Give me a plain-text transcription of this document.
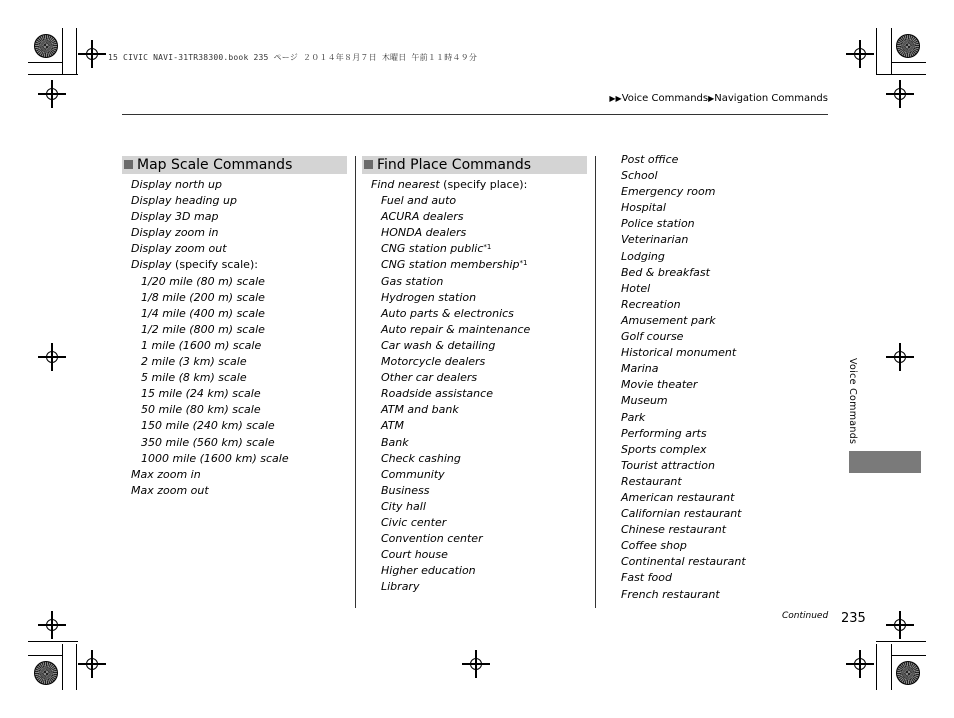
15 CIVIC NAVI-31TR38300.book 235 ページ ２０１４年８月７日 木曜日 午前１１時４９分
▶▶Voice Commands▶Navigation Commands
Map Scale Commands
Display north up
Display heading up
Display 3D map
Display zoom in
Display zoom out
Display (specify scale):
1/20 mile (80 m) scale
1/8 mile (200 m) scale
1/4 mile (400 m) scale
1/2 mile (800 m) scale
1 mile (1600 m) scale
2 mile (3 km) scale
5 mile (8 km) scale
15 mile (24 km) scale
50 mile (80 km) scale
150 mile (240 km) scale
350 mile (560 km) scale
1000 mile (1600 km) scale
Max zoom in
Max zoom out
Find Place Commands
Find nearest (specify place):
Fuel and auto
ACURA dealers
HONDA dealers
CNG station public$^{*1}$
CNG station membership$^{*1}$
Gas station
Hydrogen station
Auto parts & electronics
Auto repair & maintenance
Car wash & detailing
Motorcycle dealers
Other car dealers
Roadside assistance
ATM and bank
ATM
Bank
Check cashing
Community
Business
City hall
Civic center
Convention center
Court house
Higher education
Library
Post office
School
Emergency room
Hospital
Police station
Veterinarian
Lodging
Bed & breakfast
Hotel
Recreation
Amusement park
Golf course
Historical monument
Marina
Movie theater
Museum
Park
Performing arts
Sports complex
Tourist attraction
Restaurant
American restaurant
Californian restaurant
Chinese restaurant
Coffee shop
Continental restaurant
Fast food
French restaurant
Voice Commands
Continued 235
